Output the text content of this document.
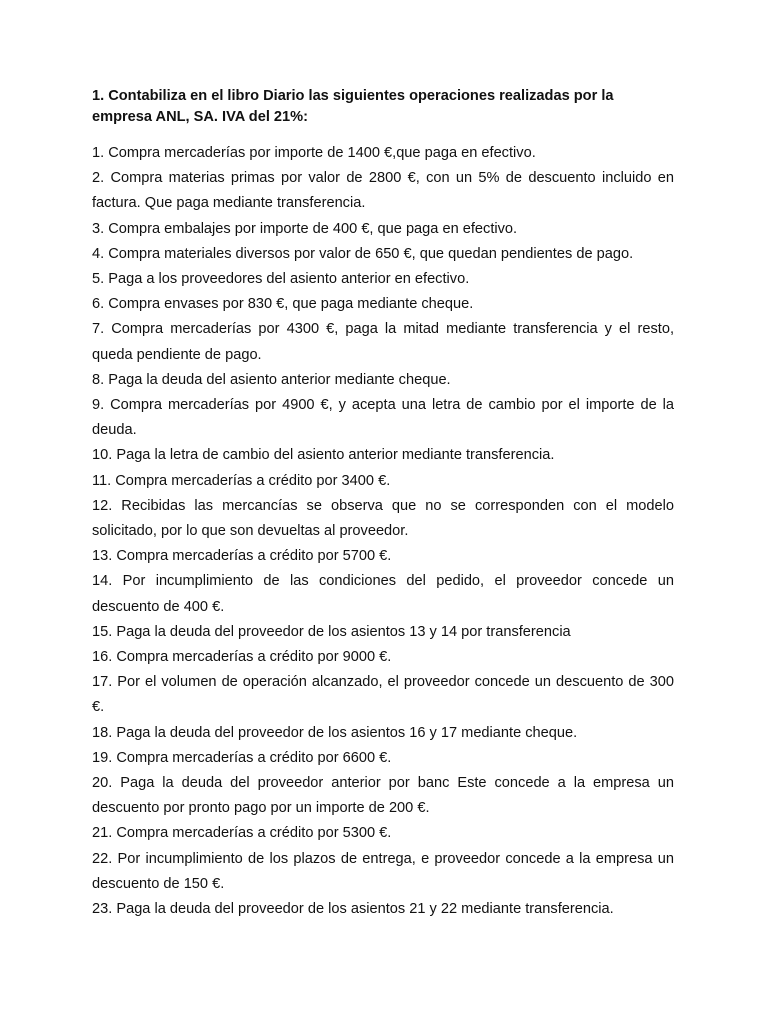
1. Contabiliza en el libro Diario las siguientes operaciones realizadas por la empresa ANL, SA. IVA del 21%:

1. Compra mercaderías por importe de 1400 €,que paga en efectivo.
2. Compra materias primas por valor de 2800 €, con un 5% de descuento incluido en factura. Que paga mediante transferencia.
3. Compra embalajes por importe de 400 €, que paga en efectivo.
4. Compra materiales diversos por valor de 650 €, que quedan pendientes de pago.
5. Paga a los proveedores del asiento anterior en efectivo.
6. Compra envases por 830 €, que paga mediante cheque.
7. Compra mercaderías por 4300 €, paga la mitad mediante transferencia y el resto, queda pendiente de pago.
8. Paga la deuda del asiento anterior mediante cheque.
9. Compra mercaderías por 4900 €, y acepta una letra de cambio por el importe de la deuda.
10. Paga la letra de cambio del asiento anterior mediante transferencia.
11. Compra mercaderías a crédito por 3400 €.
12. Recibidas las mercancías se observa que no se corresponden con el modelo solicitado, por lo que son devueltas al proveedor.
13. Compra mercaderías a crédito por 5700 €.
14. Por incumplimiento de las condiciones del pedido, el proveedor concede un descuento de 400 €.
15. Paga la deuda del proveedor de los asientos 13 y 14 por transferencia
16. Compra mercaderías a crédito por 9000 €.
17. Por el volumen de operación alcanzado, el proveedor concede un descuento de 300 €.
18. Paga la deuda del proveedor de los asientos 16 y 17 mediante cheque.
19. Compra mercaderías a crédito por 6600 €.
20. Paga la deuda del proveedor anterior por banc Este concede a la empresa un descuento por pronto pago por un importe de 200 €.
21. Compra mercaderías a crédito por 5300 €.
22. Por incumplimiento de los plazos de entrega, e proveedor concede a la empresa un descuento de 150 €.
23. Paga la deuda del proveedor de los asientos 21 y 22 mediante transferencia.
